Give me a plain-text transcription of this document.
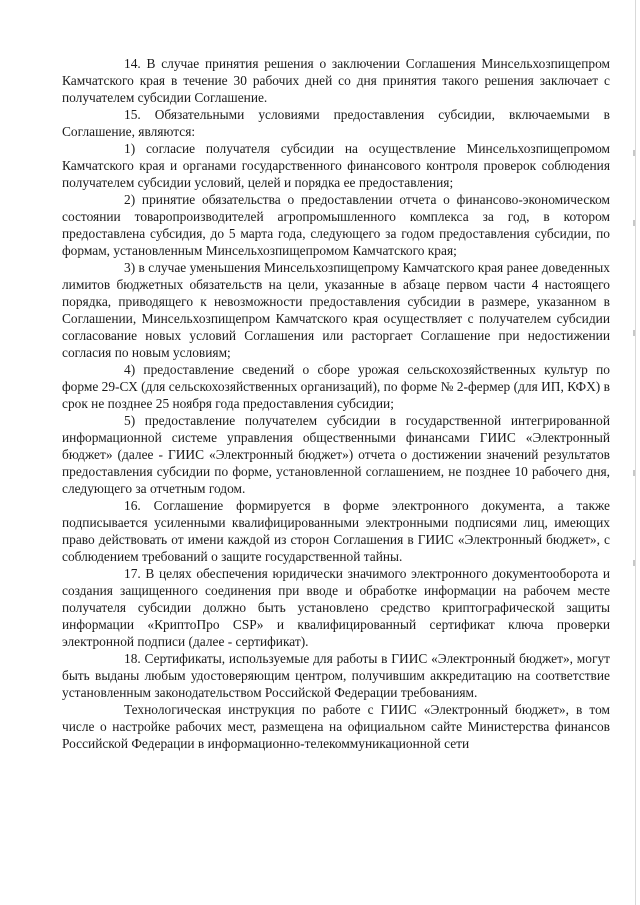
14. В случае принятия решения о заключении Соглашения Минсельхозпищепром Камчатского края в течение 30 рабочих дней со дня принятия такого решения заключает с получателем субсидии Соглашение.

15. Обязательными условиями предоставления субсидии, включаемыми в Соглашение, являются:

1) согласие получателя субсидии на осуществление Минсельхозпищепромом Камчатского края и органами государственного финансового контроля проверок соблюдения получателем субсидии условий, целей и порядка ее предоставления;

2) принятие обязательства о предоставлении отчета о финансово-экономическом состоянии товаропроизводителей агропромышленного комплекса за год, в котором предоставлена субсидия, до 5 марта года, следующего за годом предоставления субсидии, по формам, установленным Минсельхозпищепромом Камчатского края;

3) в случае уменьшения Минсельхозпищепрому Камчатского края ранее доведенных лимитов бюджетных обязательств на цели, указанные в абзаце первом части 4 настоящего порядка, приводящего к невозможности предоставления субсидии в размере, указанном в Соглашении, Минсельхозпищепром Камчатского края осуществляет с получателем субсидии согласование новых условий Соглашения или расторгает Соглашение при недостижении согласия по новым условиям;

4) предоставление сведений о сборе урожая сельскохозяйственных культур по форме 29-СХ (для сельскохозяйственных организаций), по форме № 2-фермер (для ИП, КФХ) в срок не позднее 25 ноября года предоставления субсидии;

5) предоставление получателем субсидии в государственной интегрированной информационной системе управления общественными финансами ГИИС «Электронный бюджет» (далее - ГИИС «Электронный бюджет») отчета о достижении значений результатов предоставления субсидии по форме, установленной соглашением, не позднее 10 рабочего дня, следующего за отчетным годом.

16. Соглашение формируется в форме электронного документа, а также подписывается усиленными квалифицированными электронными подписями лиц, имеющих право действовать от имени каждой из сторон Соглашения в ГИИС «Электронный бюджет», с соблюдением требований о защите государственной тайны.

17. В целях обеспечения юридически значимого электронного документооборота и создания защищенного соединения при вводе и обработке информации на рабочем месте получателя субсидии должно быть установлено средство криптографической защиты информации «КриптоПро CSP» и квалифицированный сертификат ключа проверки электронной подписи (далее - сертификат).

18. Сертификаты, используемые для работы в ГИИС «Электронный бюджет», могут быть выданы любым удостоверяющим центром, получившим аккредитацию на соответствие установленным законодательством Российской Федерации требованиям.

Технологическая инструкция по работе с ГИИС «Электронный бюджет», в том числе о настройке рабочих мест, размещена на официальном сайте Министерства финансов Российской Федерации в информационно-телекоммуникационной сети
